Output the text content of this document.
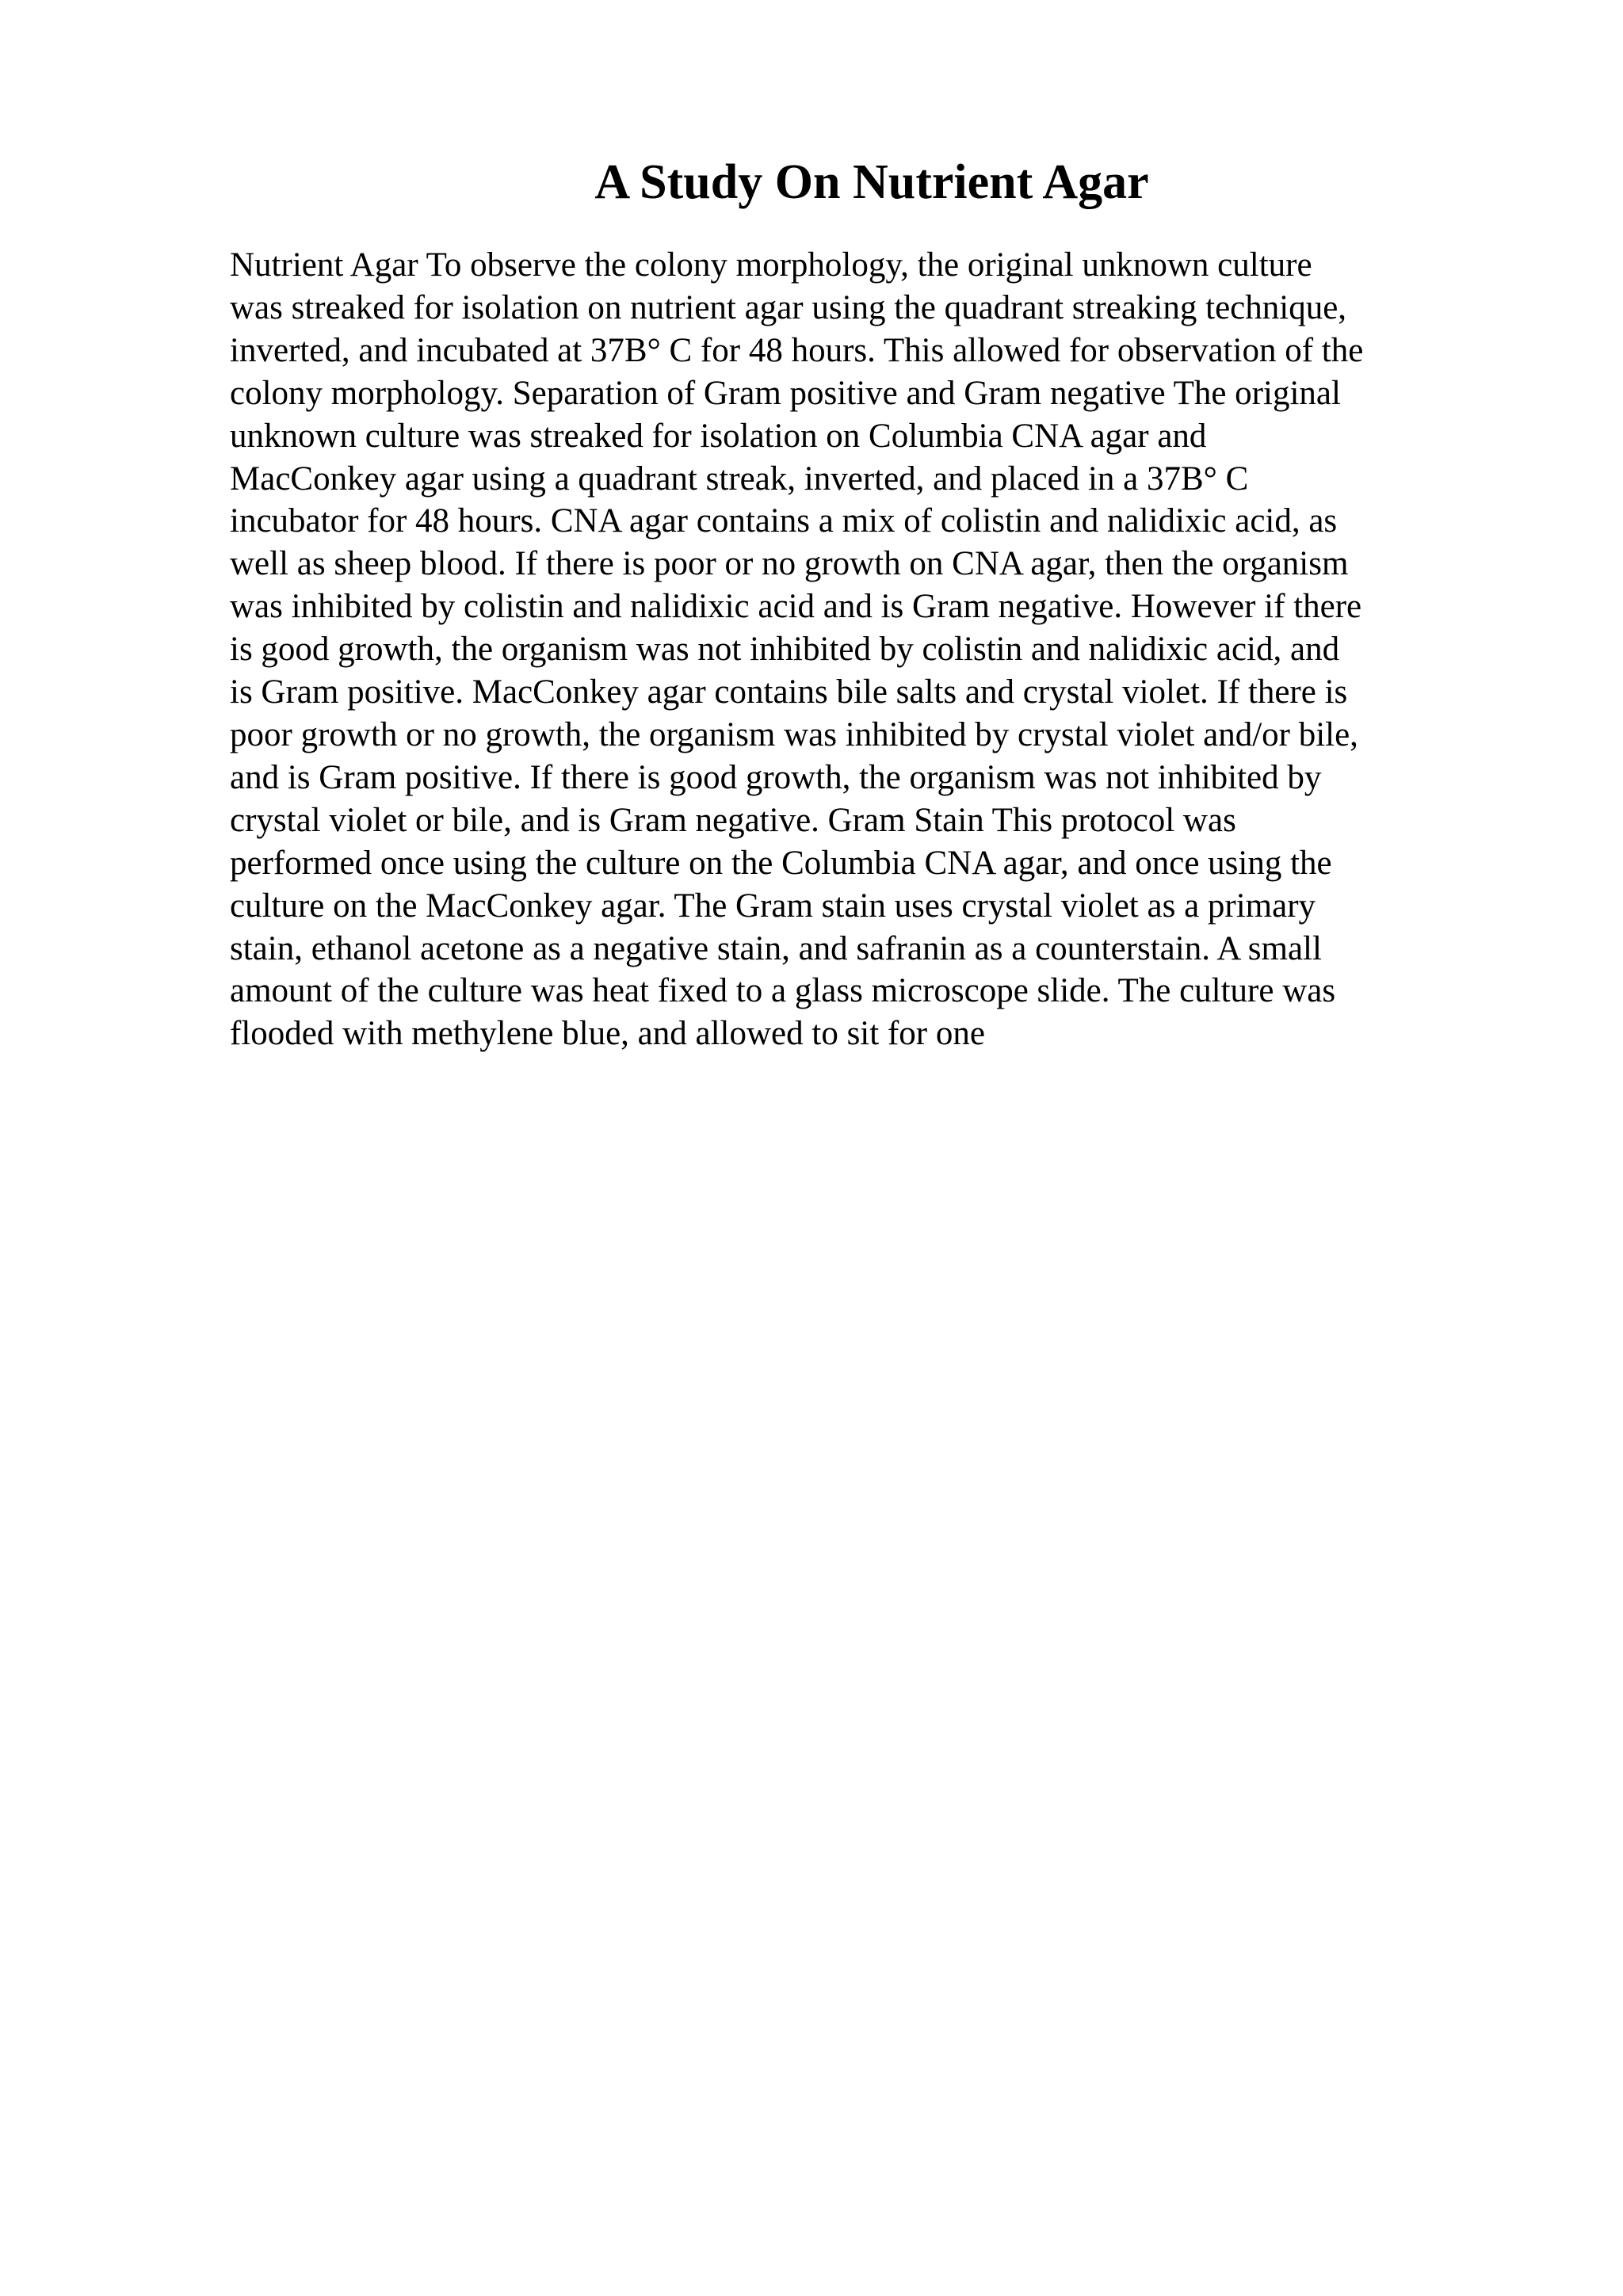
A Study On Nutrient Agar
Nutrient Agar To observe the colony morphology, the original unknown culture
was streaked for isolation on nutrient agar using the quadrant streaking technique,
inverted, and incubated at 37B° C for 48 hours. This allowed for observation of the
colony morphology. Separation of Gram positive and Gram negative The original
unknown culture was streaked for isolation on Columbia CNA agar and
MacConkey agar using a quadrant streak, inverted, and placed in a 37B° C
incubator for 48 hours. CNA agar contains a mix of colistin and nalidixic acid, as
well as sheep blood. If there is poor or no growth on CNA agar, then the organism
was inhibited by colistin and nalidixic acid and is Gram negative. However if there
is good growth, the organism was not inhibited by colistin and nalidixic acid, and
is Gram positive. MacConkey agar contains bile salts and crystal violet. If there is
poor growth or no growth, the organism was inhibited by crystal violet and/or bile,
and is Gram positive. If there is good growth, the organism was not inhibited by
crystal violet or bile, and is Gram negative. Gram Stain This protocol was
performed once using the culture on the Columbia CNA agar, and once using the
culture on the MacConkey agar. The Gram stain uses crystal violet as a primary
stain, ethanol acetone as a negative stain, and safranin as a counterstain. A small
amount of the culture was heat fixed to a glass microscope slide. The culture was
flooded with methylene blue, and allowed to sit for one
